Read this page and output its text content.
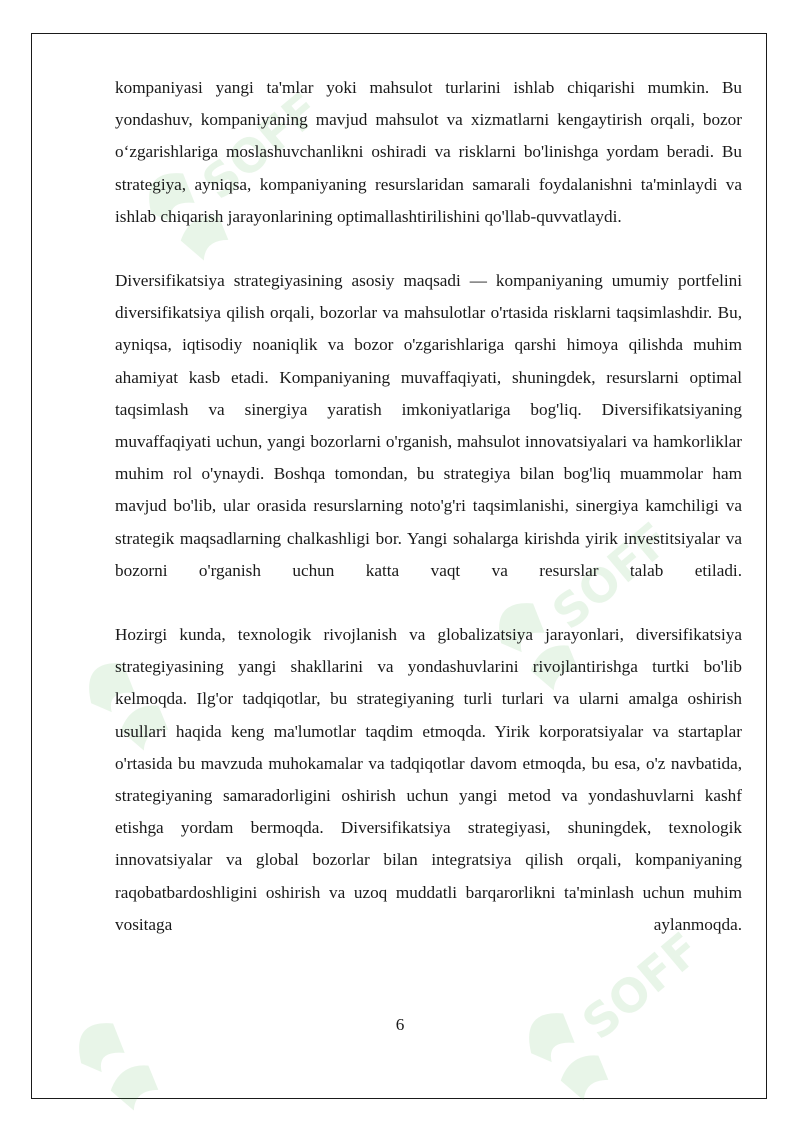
SOFF
SOFF
SOFF

kompaniyasi yangi ta'mlar yoki mahsulot turlarini ishlab chiqarishi mumkin. Bu yondashuv, kompaniyaning mavjud mahsulot va xizmatlarni kengaytirish orqali, bozor oʻzgarishlariga moslashuvchanlikni oshiradi va risklarni bo'linishga yordam beradi. Bu strategiya, ayniqsa, kompaniyaning resurslaridan samarali foydalanishni ta'minlaydi va ishlab chiqarish jarayonlarining optimallashtirilishini qo'llab-quvvatlaydi.

Diversifikatsiya strategiyasining asosiy maqsadi — kompaniyaning umumiy portfelini diversifikatsiya qilish orqali, bozorlar va mahsulotlar o'rtasida risklarni taqsimlashdir. Bu, ayniqsa, iqtisodiy noaniqlik va bozor o'zgarishlariga qarshi himoya qilishda muhim ahamiyat kasb etadi. Kompaniyaning muvaffaqiyati, shuningdek, resurslarni optimal taqsimlash va sinergiya yaratish imkoniyatlariga bog'liq. Diversifikatsiyaning muvaffaqiyati uchun, yangi bozorlarni o'rganish, mahsulot innovatsiyalari va hamkorliklar muhim rol o'ynaydi. Boshqa tomondan, bu strategiya bilan bog'liq muammolar ham mavjud bo'lib, ular orasida resurslarning noto'g'ri taqsimlanishi, sinergiya kamchiligi va strategik maqsadlarning chalkashligi bor. Yangi sohalarga kirishda yirik investitsiyalar va bozorni o'rganish uchun katta vaqt va resurslar talab etiladi.

Hozirgi kunda, texnologik rivojlanish va globalizatsiya jarayonlari, diversifikatsiya strategiyasining yangi shakllarini va yondashuvlarini rivojlantirishga turtki bo'lib kelmoqda. Ilg'or tadqiqotlar, bu strategiyaning turli turlari va ularni amalga oshirish usullari haqida keng ma'lumotlar taqdim etmoqda. Yirik korporatsiyalar va startaplar o'rtasida bu mavzuda muhokamalar va tadqiqotlar davom etmoqda, bu esa, o'z navbatida, strategiyaning samaradorligini oshirish uchun yangi metod va yondashuvlarni kashf etishga yordam bermoqda. Diversifikatsiya strategiyasi, shuningdek, texnologik innovatsiyalar va global bozorlar bilan integratsiya qilish orqali, kompaniyaning raqobatbardoshligini oshirish va uzoq muddatli barqarorlikni ta'minlash uchun muhim vositaga aylanmoqda.

6
